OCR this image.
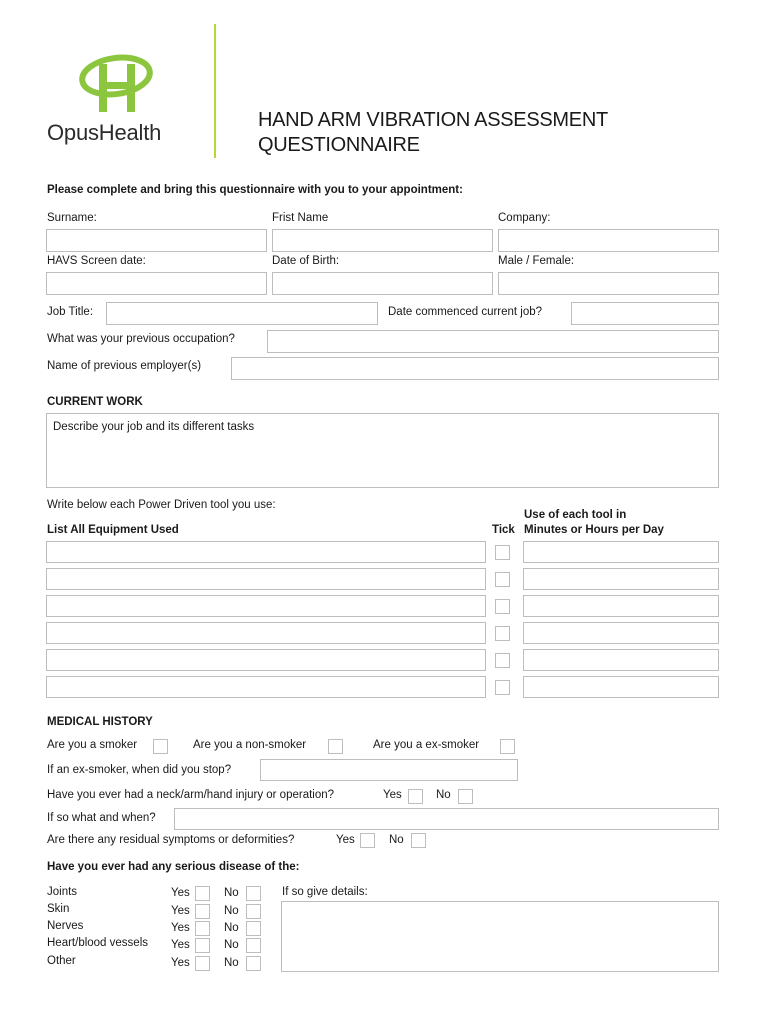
OpusHealth	HAND ARM VIBRATION ASSESSMENT
QUESTIONNAIRE
Please complete and bring this questionnaire with you to your appointment:
Surname:	Frist Name	Company:
HAVS Screen date:	Date of Birth:	Male / Female:
Job Title:	Date commenced current job?
What was your previous occupation?
Name of previous employer(s)
CURRENT WORK
Describe your job and its different tasks
Write below each Power Driven tool you use:
List All Equipment Used	Tick
Use of each tool in
Minutes or Hours per Day
MEDICAL HISTORY
Are you a smoker	Are you a non-smoker	Are you a ex-smoker
If an ex-smoker, when did you stop?
Have you ever had a neck/arm/hand injury or operation?	Yes	No
If so what and when?
Are there any residual symptoms or deformities?	Yes	No
Have you ever had any serious disease of the:
Joints	Yes	No
Skin	Yes	No
Nerves	Yes	No
Heart/blood vessels Yes	No
Other	Yes	No
If so give details:
